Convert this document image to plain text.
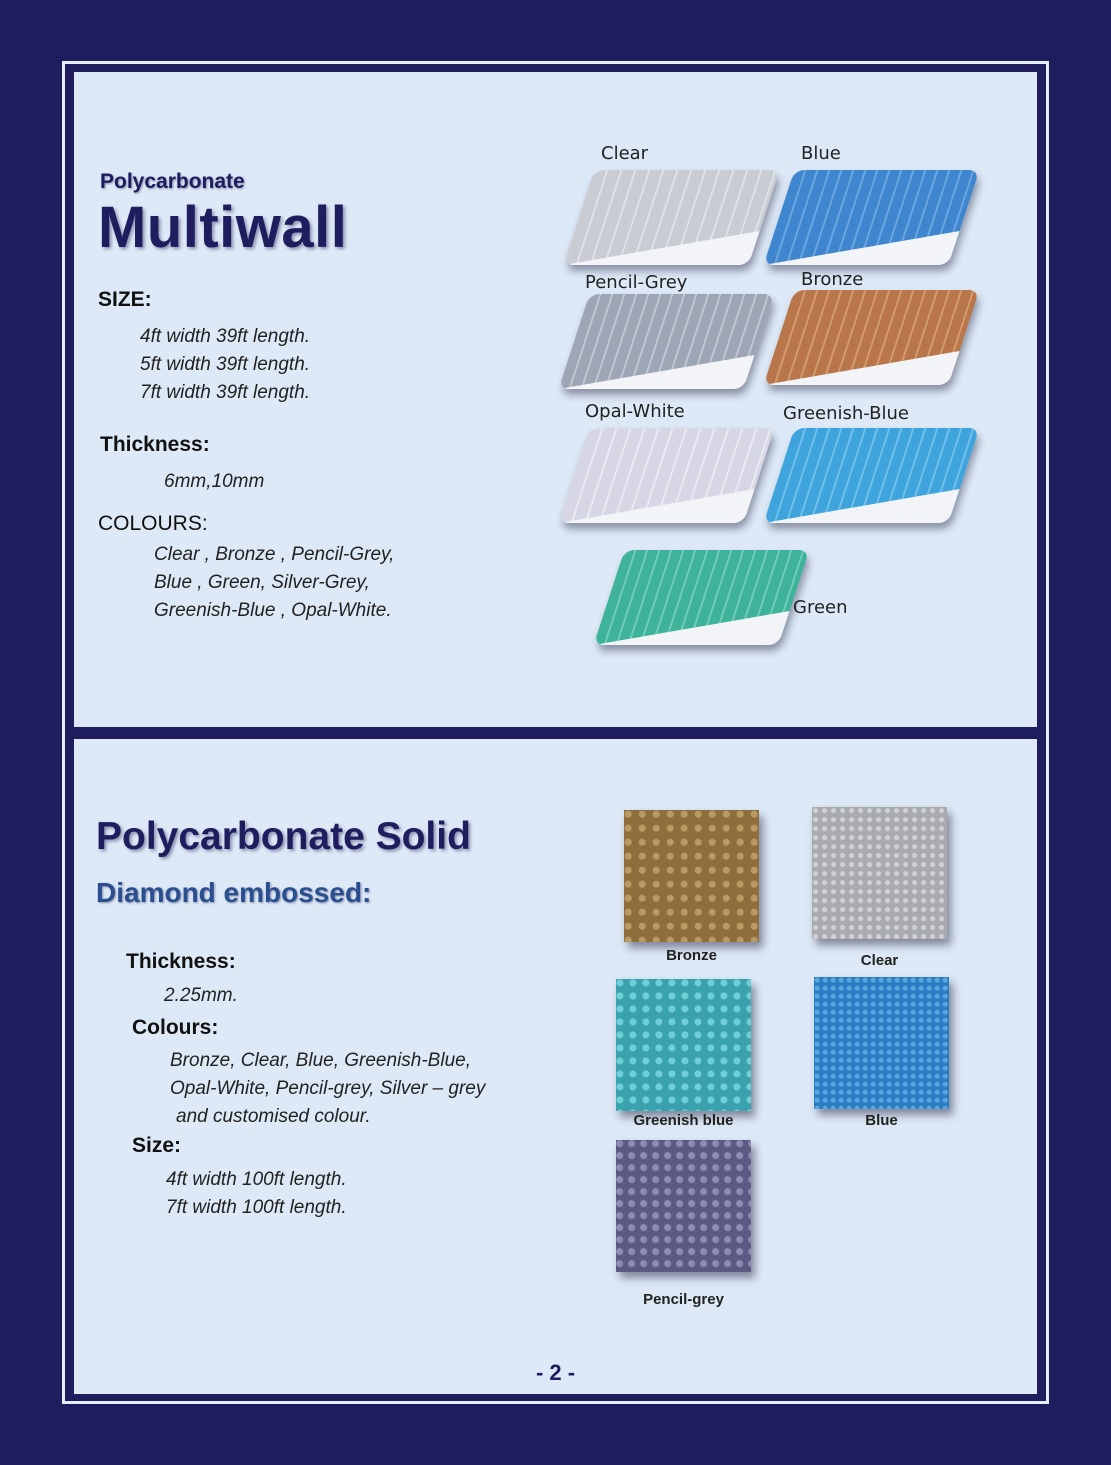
Polycarbonate
Multiwall
SIZE:
4ft width 39ft length.
5ft width 39ft length.
7ft width 39ft length.
Thickness:
6mm,10mm
COLOURS:
Clear , Bronze , Pencil-Grey,
Blue , Green, Silver-Grey,
Greenish-Blue , Opal-White.
Clear	Blue
Pencil-Grey	Bronze
Opal-White	Greenish-Blue
Green
Polycarbonate Solid
Diamond embossed:
Thickness:
2.25mm.
Colours:
Bronze, Clear, Blue, Greenish-Blue,
Opal-White, Pencil-grey, Silver – grey
and customised colour.
Size:
4ft width 100ft length.
7ft width 100ft length.
Bronze	Clear
Greenish blue	Blue
Pencil-grey
- 2 -
